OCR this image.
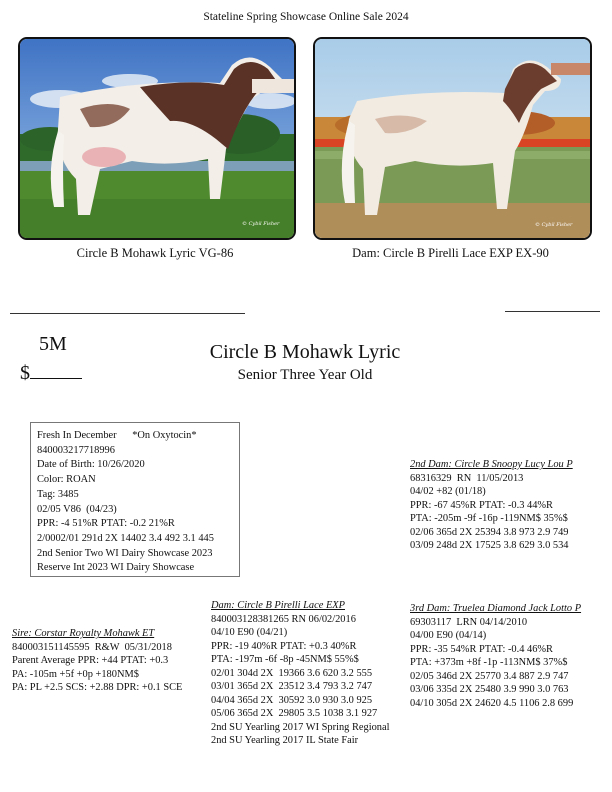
Stateline Spring Showcase Online Sale 2024
© Cybil Fisher	© Cybil Fisher
Circle B Mohawk Lyric VG-86	Dam: Circle B Pirelli Lace EXP EX-90
5M
$
Circle B Mohawk Lyric
Senior Three Year Old
Fresh In December      *On Oxytocin*
840003217718996
Date of Birth: 10/26/2020
Color: ROAN
Tag: 3485
02/05 V86  (04/23)
PPR: -4 51%R PTAT: -0.2 21%R
2/0002/01 291d 2X 14402 3.4 492 3.1 445
2nd Senior Two WI Dairy Showcase 2023
Reserve Int 2023 WI Dairy Showcase
2nd Dam: Circle B Snoopy Lucy Lou P
68316329  RN  11/05/2013
04/02 +82 (01/18)
PPR: -67 45%R PTAT: -0.3 44%R
PTA: -205m -9f -16p -119NM$ 35%$
02/06 365d 2X 25394 3.8 973 2.9 749
03/09 248d 2X 17525 3.8 629 3.0 534
Sire: Corstar Royalty Mohawk ET
840003151145595  R&W  05/31/2018
Parent Average PPR: +44 PTAT: +0.3
PA: -105m +5f +0p +180NM$
PA: PL +2.5 SCS: +2.88 DPR: +0.1 SCE
Dam: Circle B Pirelli Lace EXP
840003128381265 RN 06/02/2016
04/10 E90 (04/21)
PPR: -19 40%R PTAT: +0.3 40%R
PTA: -197m -6f -8p -45NM$ 55%$
02/01 304d 2X  19366 3.6 620 3.2 555
03/01 365d 2X  23512 3.4 793 3.2 747
04/04 365d 2X  30592 3.0 930 3.0 925
05/06 365d 2X  29805 3.5 1038 3.1 927
2nd SU Yearling 2017 WI Spring Regional
2nd SU Yearling 2017 IL State Fair
3rd Dam: Truelea Diamond Jack Lotto P
69303117  LRN 04/14/2010
04/00 E90 (04/14)
PPR: -35 54%R PTAT: -0.4 46%R
PTA: +373m +8f -1p -113NM$ 37%$
02/05 346d 2X 25770 3.4 887 2.9 747
03/06 335d 2X 25480 3.9 990 3.0 763
04/10 305d 2X 24620 4.5 1106 2.8 699
